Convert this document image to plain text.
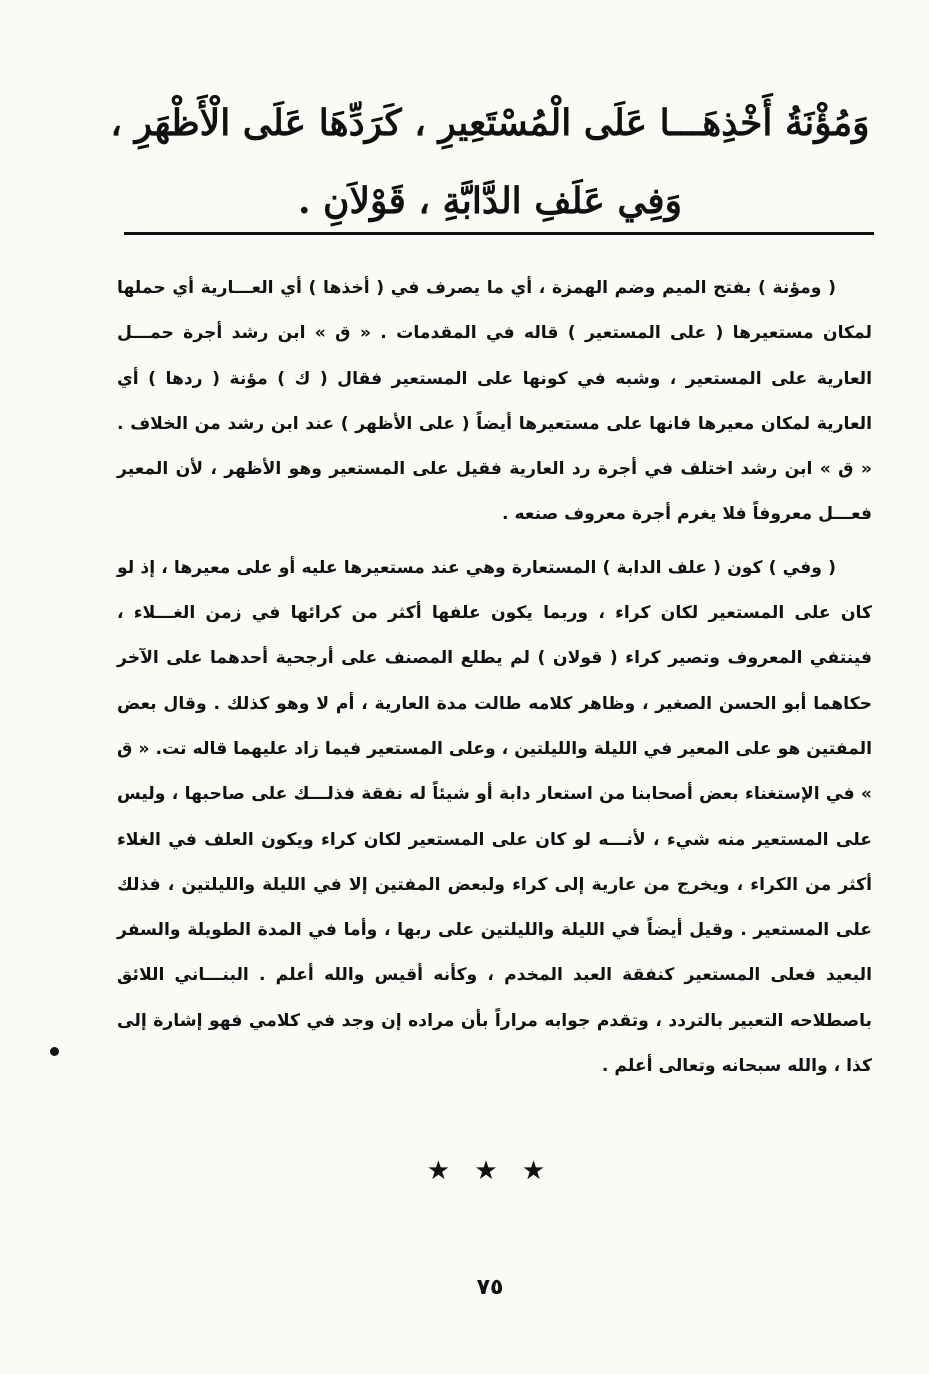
وَمُؤْنَةُ أَخْذِهَـــا عَلَى الْمُسْتَعِيرِ ، كَرَدِّهَا عَلَى الْأَظْهَرِ ،
وَفِي عَلَفِ الدَّابَّةِ ، قَوْلاَنِ .

( ومؤنة ) بفتح الميم وضم الهمزة ، أي ما يصرف في ( أخذها ) أي العـــارية أي حملها لمكان مستعيرها ( على المستعير ) قاله في المقدمات . « ق » ابن رشد أجرة حمـــل العارية على المستعير ، وشبه في كونها على المستعير فقال ( ك ) مؤنة ( ردها ) أي العارية لمكان معيرها فانها على مستعيرها أيضاً ( على الأظهر ) عند ابن رشد من الخلاف . « ق » ابن رشد اختلف في أجرة رد العارية فقيل على المستعير وهو الأظهر ، لأن المعير فعـــل معروفاً فلا يغرم أجرة معروف صنعه .

( وفي ) كون ( علف الدابة ) المستعارة وهي عند مستعيرها عليه أو على معيرها ، إذ لو كان على المستعير لكان كراء ، وربما يكون علفها أكثر من كرائها في زمن الغـــلاء ، فينتفي المعروف وتصير كراء ( قولان ) لم يطلع المصنف على أرجحية أحدهما على الآخر حكاهما أبو الحسن الصغير ، وظاهر كلامه طالت مدة العارية ، أم لا وهو كذلك . وقال بعض المفتين هو على المعير في الليلة والليلتين ، وعلى المستعير فيما زاد عليهما قاله تت. « ق » في الإستغناء بعض أصحابنا من استعار دابة أو شيئاً له نفقة فذلـــك على صاحبها ، وليس على المستعير منه شيء ، لأنـــه لو كان على المستعير لكان كراء ويكون العلف في الغلاء أكثر من الكراء ، ويخرج من عارية إلى كراء ولبعض المفتين إلا في الليلة والليلتين ، فذلك على المستعير . وقيل أيضاً في الليلة والليلتين على ربها ، وأما في المدة الطويلة والسفر البعيد فعلى المستعير كنفقة العبد المخدم ، وكأنه أقيس والله أعلم . البنـــاني اللائق باصطلاحه التعبير بالتردد ، وتقدم جوابه مراراً بأن مراده إن وجد في كلامي فهو إشارة إلى كذا ، والله سبحانه وتعالى أعلم .

★ ★ ★
٧٥
